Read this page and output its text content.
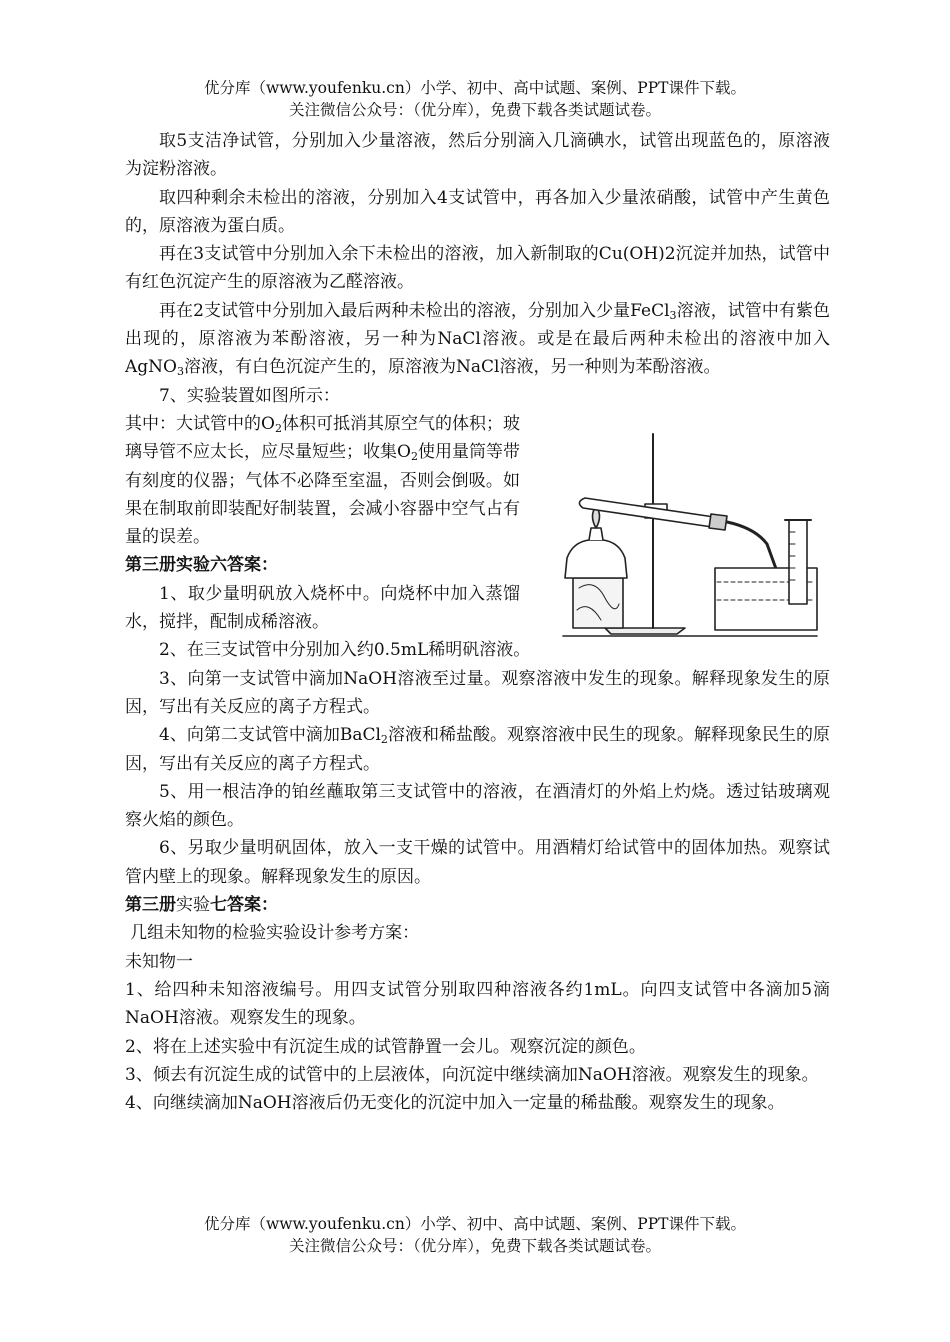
优分库（www.youfenku.cn）小学、初中、高中试题、案例、PPT课件下载。
关注微信公众号：（优分库），免费下载各类试题试卷。

取5支洁净试管，分别加入少量溶液，然后分别滴入几滴碘水，试管出现蓝色的，原溶液为淀粉溶液。

取四种剩余未检出的溶液，分别加入4支试管中，再各加入少量浓硝酸，试管中产生黄色的，原溶液为蛋白质。

再在3支试管中分别加入余下未检出的溶液，加入新制取的Cu(OH)2沉淀并加热，试管中有红色沉淀产生的原溶液为乙醛溶液。

再在2支试管中分别加入最后两种未检出的溶液，分别加入少量FeCl$_3$溶液，试管中有紫色出现的，原溶液为苯酚溶液，另一种为NaCl溶液。或是在最后两种未检出的溶液中加入AgNO$_3$溶液，有白色沉淀产生的，原溶液为NaCl溶液，另一种则为苯酚溶液。

7、实验装置如图所示：

其中：大试管中的$O_2$体积可抵消其原空气的体积；玻璃导管不应太长，应尽量短些；收集$O_2$使用量筒等带有刻度的仪器；气体不必降至室温，否则会倒吸。如果在制取前即装配好制装置，会减小容器中空气占有量的误差。

第三册实验六答案：

1、取少量明矾放入烧杯中。向烧杯中加入蒸馏水，搅拌，配制成稀溶液。

2、在三支试管中分别加入约0.5mL稀明矾溶液。

3、向第一支试管中滴加NaOH溶液至过量。观察溶液中发生的现象。解释现象发生的原因，写出有关反应的离子方程式。

4、向第二支试管中滴加BaCl$_2$溶液和稀盐酸。观察溶液中民生的现象。解释现象民生的原因，写出有关反应的离子方程式。

5、用一根洁净的铂丝蘸取第三支试管中的溶液，在酒清灯的外焰上灼烧。透过钴玻璃观察火焰的颜色。

6、另取少量明矾固体，放入一支干燥的试管中。用酒精灯给试管中的固体加热。观察试管内壁上的现象。解释现象发生的原因。

第三册实验七答案：

几组未知物的检验实验设计参考方案：

未知物一

1、给四种未知溶液编号。用四支试管分别取四种溶液各约1mL。向四支试管中各滴加5滴NaOH溶液。观察发生的现象。

2、将在上述实验中有沉淀生成的试管静置一会儿。观察沉淀的颜色。

3、倾去有沉淀生成的试管中的上层液体，向沉淀中继续滴加NaOH溶液。观察发生的现象。

4、向继续滴加NaOH溶液后仍无变化的沉淀中加入一定量的稀盐酸。观察发生的现象。

优分库（www.youfenku.cn）小学、初中、高中试题、案例、PPT课件下载。
关注微信公众号：（优分库），免费下载各类试题试卷。
